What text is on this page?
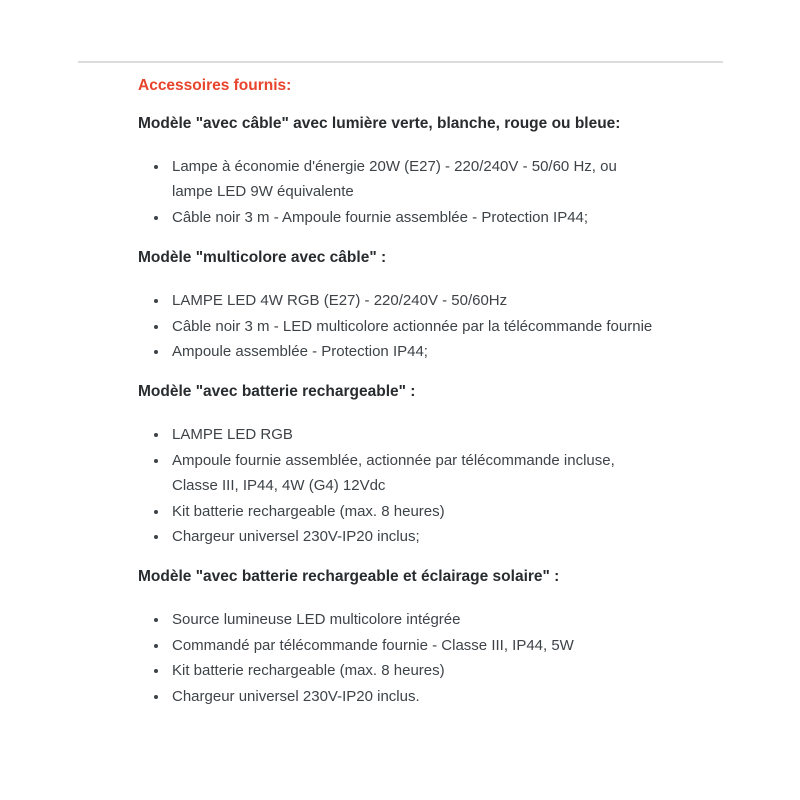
Accessoires fournis:

Modèle "avec câble" avec lumière verte, blanche, rouge ou bleue:

• Lampe à économie d'énergie 20W (E27) - 220/240V - 50/60 Hz, ou lampe LED 9W équivalente
• Câble noir 3 m - Ampoule fournie assemblée - Protection IP44;

Modèle "multicolore avec câble" :

• LAMPE LED 4W RGB (E27) - 220/240V - 50/60Hz
• Câble noir 3 m - LED multicolore actionnée par la télécommande fournie
• Ampoule assemblée - Protection IP44;

Modèle "avec batterie rechargeable" :

• LAMPE LED RGB
• Ampoule fournie assemblée, actionnée par télécommande incluse, Classe III, IP44, 4W (G4) 12Vdc
• Kit batterie rechargeable (max. 8 heures)
• Chargeur universel 230V-IP20 inclus;

Modèle "avec batterie rechargeable et éclairage solaire" :

• Source lumineuse LED multicolore intégrée
• Commandé par télécommande fournie - Classe III, IP44, 5W
• Kit batterie rechargeable (max. 8 heures)
• Chargeur universel 230V-IP20 inclus.
